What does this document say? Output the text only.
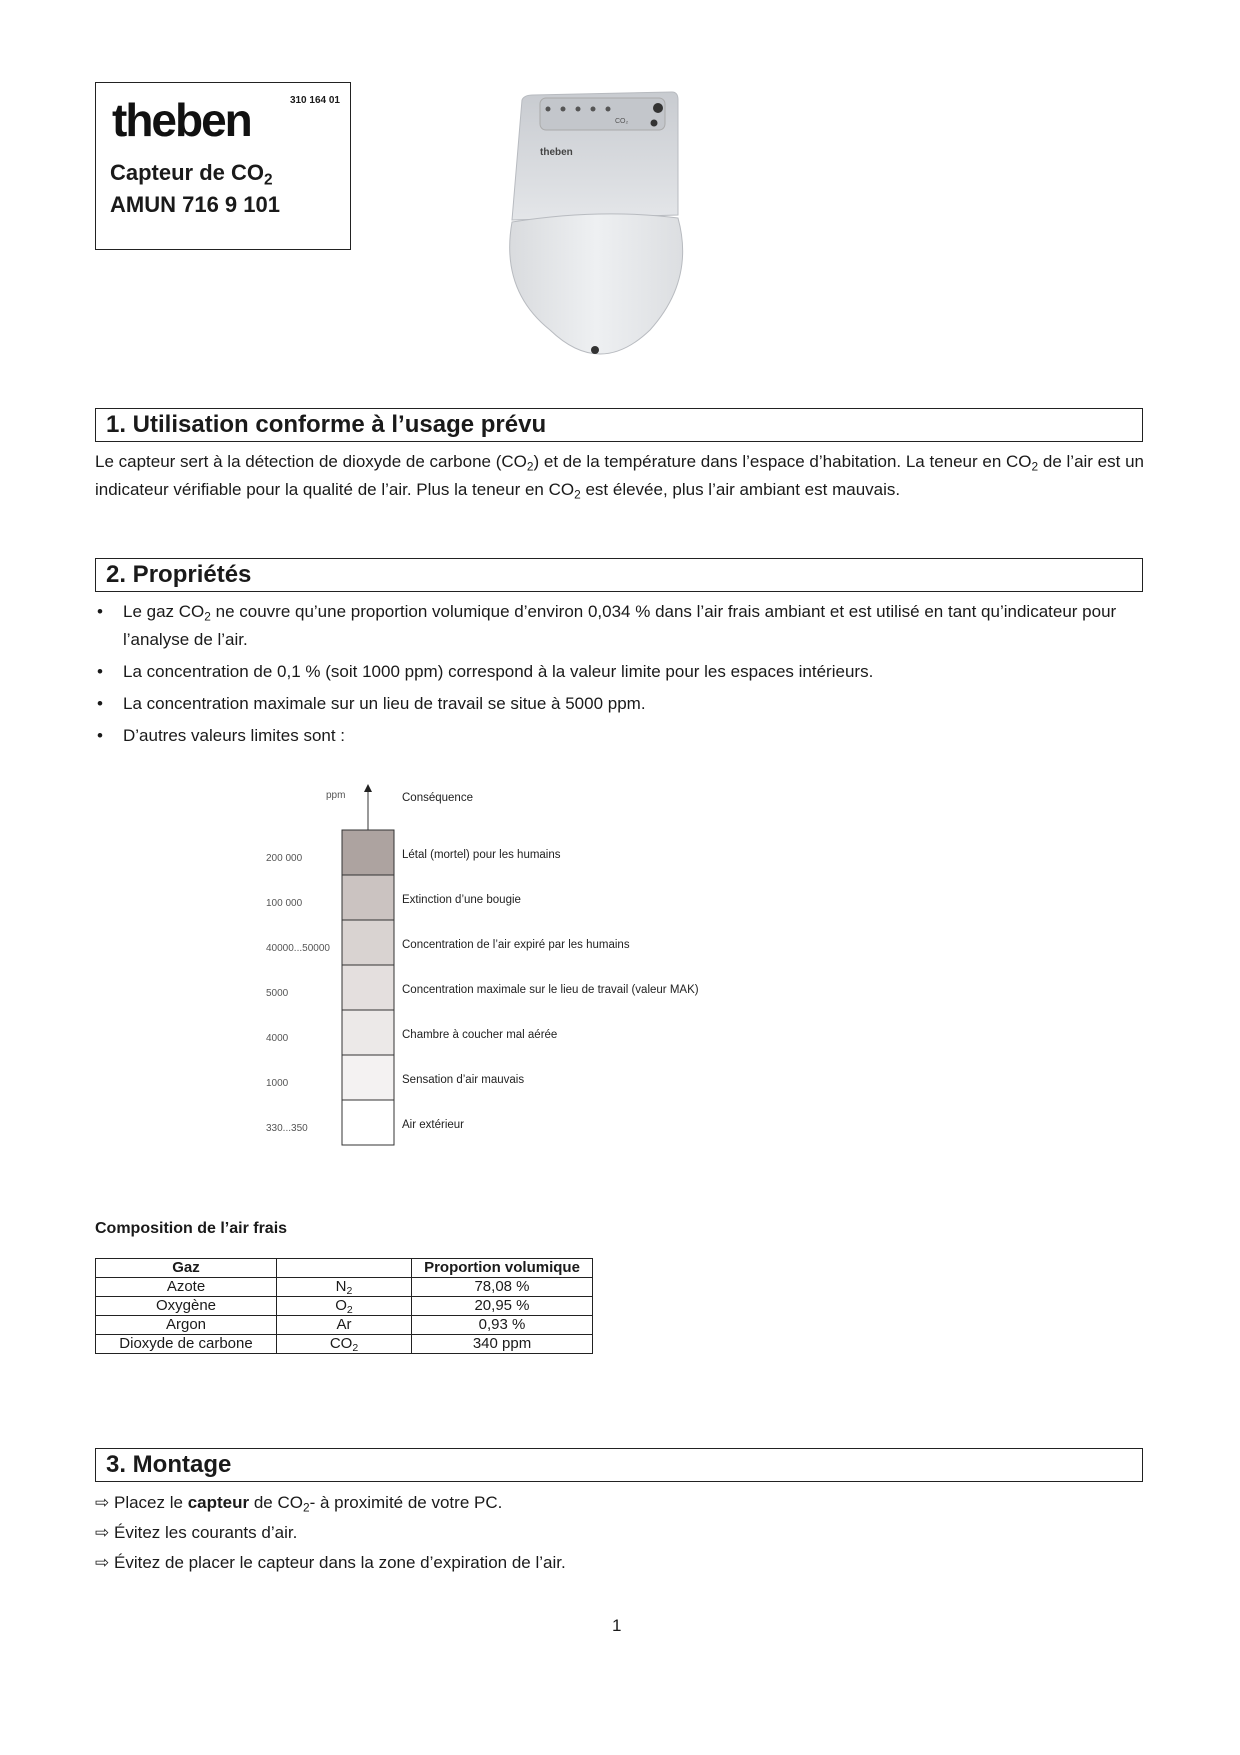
theben	310 164 01
Capteur de $CO_2$
AMUN 716 9 101
CO₂
theben
1. Utilisation conforme à l’usage prévu
Le capteur sert à la détection de dioxyde de carbone $(CO_2)$ et de la température dans l’espace d’habitation. La teneur en $CO_2$ de l’air est un indicateur vérifiable pour la qualité de l’air. Plus la teneur en $CO_2$ est élevée, plus l’air ambiant est mauvais.
2. Propriétés
• Le gaz $CO_2$ ne couvre qu’une proportion volumique d’environ 0,034 % dans l’air frais ambiant et est utilisé en tant qu’indicateur pour l’analyse de l’air.
• La concentration de 0,1 % (soit 1000 ppm) correspond à la valeur limite pour les espaces intérieurs.
• La concentration maximale sur un lieu de travail se situe à 5000 ppm.
• D’autres valeurs limites sont :
ppm	Conséquence
200 000	Létal (mortel) pour les humains
100 000	Extinction d’une bougie
40000...50000	Concentration de l’air expiré par les humains
5000	Concentration maximale sur le lieu de travail (valeur MAK)
4000	Chambre à coucher mal aérée
1000	Sensation d’air mauvais
330...350	Air extérieur
Composition de l’air frais
Gaz		Proportion volumique
Azote	$N_2$	78,08 %
Oxygène	$O_2$	20,95 %
Argon	Ar	0,93 %
Dioxyde de carbone	$CO_2$	340 ppm
3. Montage
⇨ Placez le capteur de $CO_2-$ à proximité de votre PC.
⇨ Évitez les courants d’air.
⇨ Évitez de placer le capteur dans la zone d’expiration de l’air.
1
